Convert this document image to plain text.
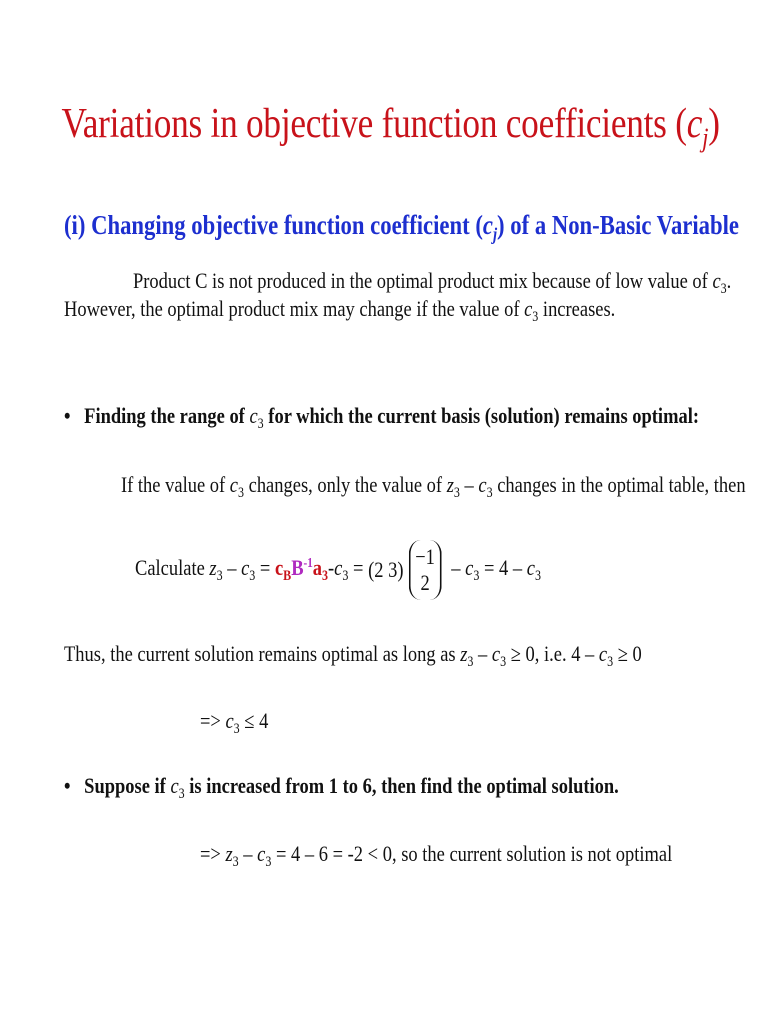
Variations in objective function coefficients $(c_j)$
(i) Changing objective function coefficient $(c_j)$ of a Non-Basic Variable
Product C is not produced in the optimal product mix because of low value of $c_3$.
However, the optimal product mix may change if the value of $c_3$ increases.
• Finding the range of $c_3$ for which the current basis (solution) remains optimal:
If the value of $c_3$ changes, only the value of $z_3 - c_3$ changes in the optimal table, then
Calculate $z_3 - c_3 = c_BB^{-1}a_3-c_3 = (2$ 3)
−1
2
– $c_3 = 4 - c_3$
Thus, the current solution remains optimal as long as $z_3 - c_3 \ge 0$, i.e. $4 - c_3 \ge 0$
=> $c_3 \le 4$
• Suppose if $c_3$ is increased from 1 to 6, then find the optimal solution.
=> $z_3 - c_3 = 4 - 6 = -2 < 0$, so the current solution is not optimal
